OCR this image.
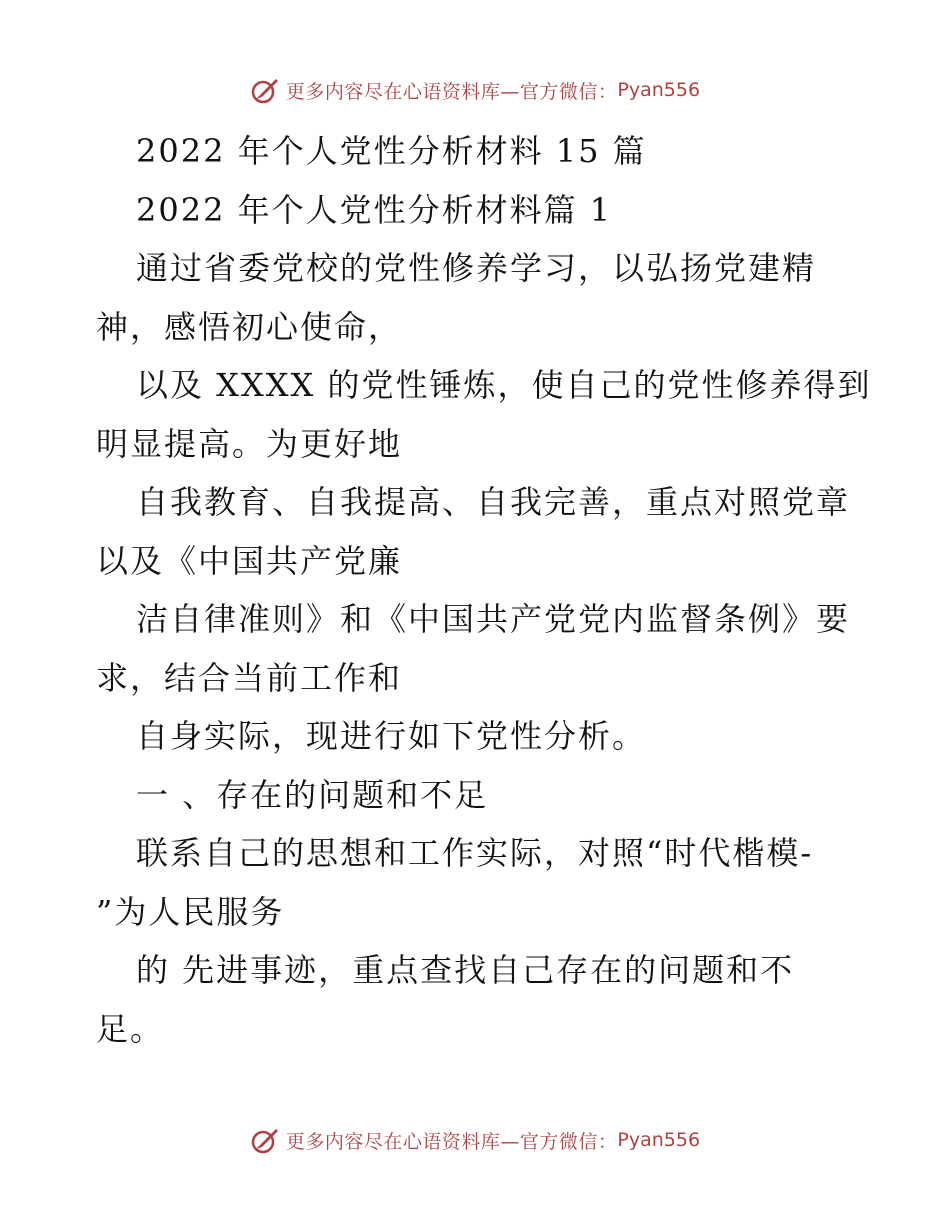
更多内容尽在心语资料库—官方微信： Pyan556
2022 年个人党性分析材料 15 篇
2022 年个人党性分析材料篇 1
通过省委党校的党性修养学习，以弘扬党建精
神，感悟初心使命，
以及 XXXX 的党性锤炼，使自己的党性修养得到
明显提高。为更好地
自我教育、自我提高、自我完善，重点对照党章
以及《中国共产党廉
洁自律准则》和《中国共产党党内监督条例》要
求，结合当前工作和
自身实际，现进行如下党性分析。
一 、存在的问题和不足
联系自己的思想和工作实际，对照“时代楷模-
”为人民服务
的 先进事迹，重点查找自己存在的问题和不
足。
更多内容尽在心语资料库—官方微信： Pyan556
